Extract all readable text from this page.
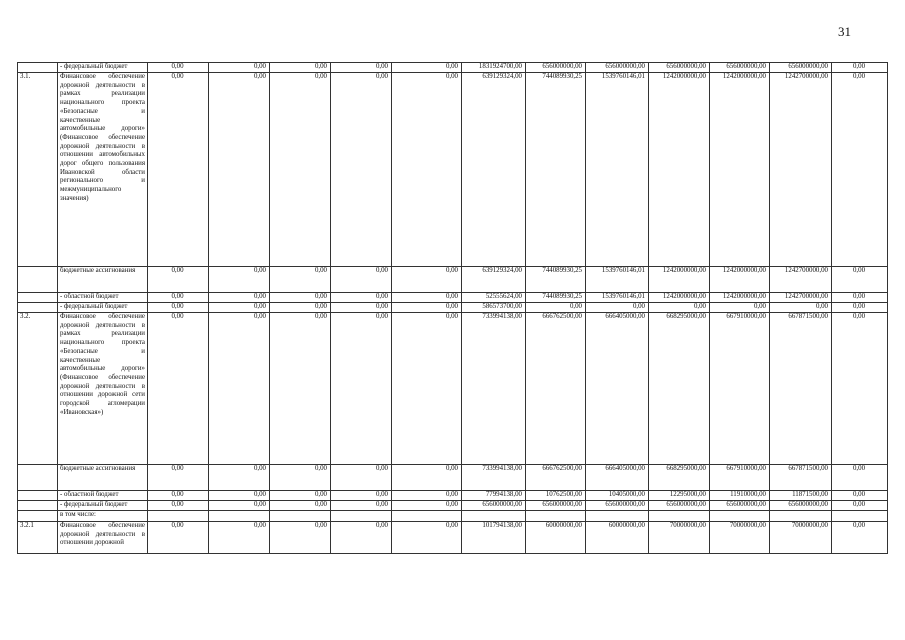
31
	- федеральный бюджет	0,00	0,00	0,00	0,00	0,00	1831924700,00	656000000,00	656000000,00	656000000,00	656000000,00	656000000,00	0,00
3.1.	Финансовое обеспечение дорожной деятельности в рамках реализации национального проекта «Безопасные и качественные автомобильные дороги» (Финансовое обеспечение дорожной деятельности в отношении автомобильных дорог общего пользования Ивановской области регионального и межмуниципального значения)	0,00	0,00	0,00	0,00	0,00	639129324,00	744089930,25	1539760146,01	1242000000,00	1242000000,00	1242700000,00	0,00
	бюджетные ассигнования	0,00	0,00	0,00	0,00	0,00	639129324,00	744089930,25	1539760146,01	1242000000,00	1242000000,00	1242700000,00	0,00
	- областной бюджет	0,00	0,00	0,00	0,00	0,00	52555624,00	744089930,25	1539760146,01	1242000000,00	1242000000,00	1242700000,00	0,00
	- федеральный бюджет	0,00	0,00	0,00	0,00	0,00	586573700,00	0,00	0,00	0,00	0,00	0,00	0,00
3.2.	Финансовое обеспечение дорожной деятельности в рамках реализации национального проекта «Безопасные и качественные автомобильные дороги» (Финансовое обеспечение дорожной деятельности в отношении дорожной сети городской агломерации «Ивановская»)	0,00	0,00	0,00	0,00	0,00	733994138,00	666762500,00	666405000,00	668295000,00	667910000,00	667871500,00	0,00
	бюджетные ассигнования	0,00	0,00	0,00	0,00	0,00	733994138,00	666762500,00	666405000,00	668295000,00	667910000,00	667871500,00	0,00
	- областной бюджет	0,00	0,00	0,00	0,00	0,00	77994138,00	10762500,00	10405000,00	12295000,00	11910000,00	11871500,00	0,00
	- федеральный бюджет	0,00	0,00	0,00	0,00	0,00	656000000,00	656000000,00	656000000,00	656000000,00	656000000,00	656000000,00	0,00
	в том числе:												
3.2.1	Финансовое обеспечение дорожной деятельности в отношении дорожной	0,00	0,00	0,00	0,00	0,00	101794138,00	60000000,00	60000000,00	70000000,00	70000000,00	70000000,00	0,00
